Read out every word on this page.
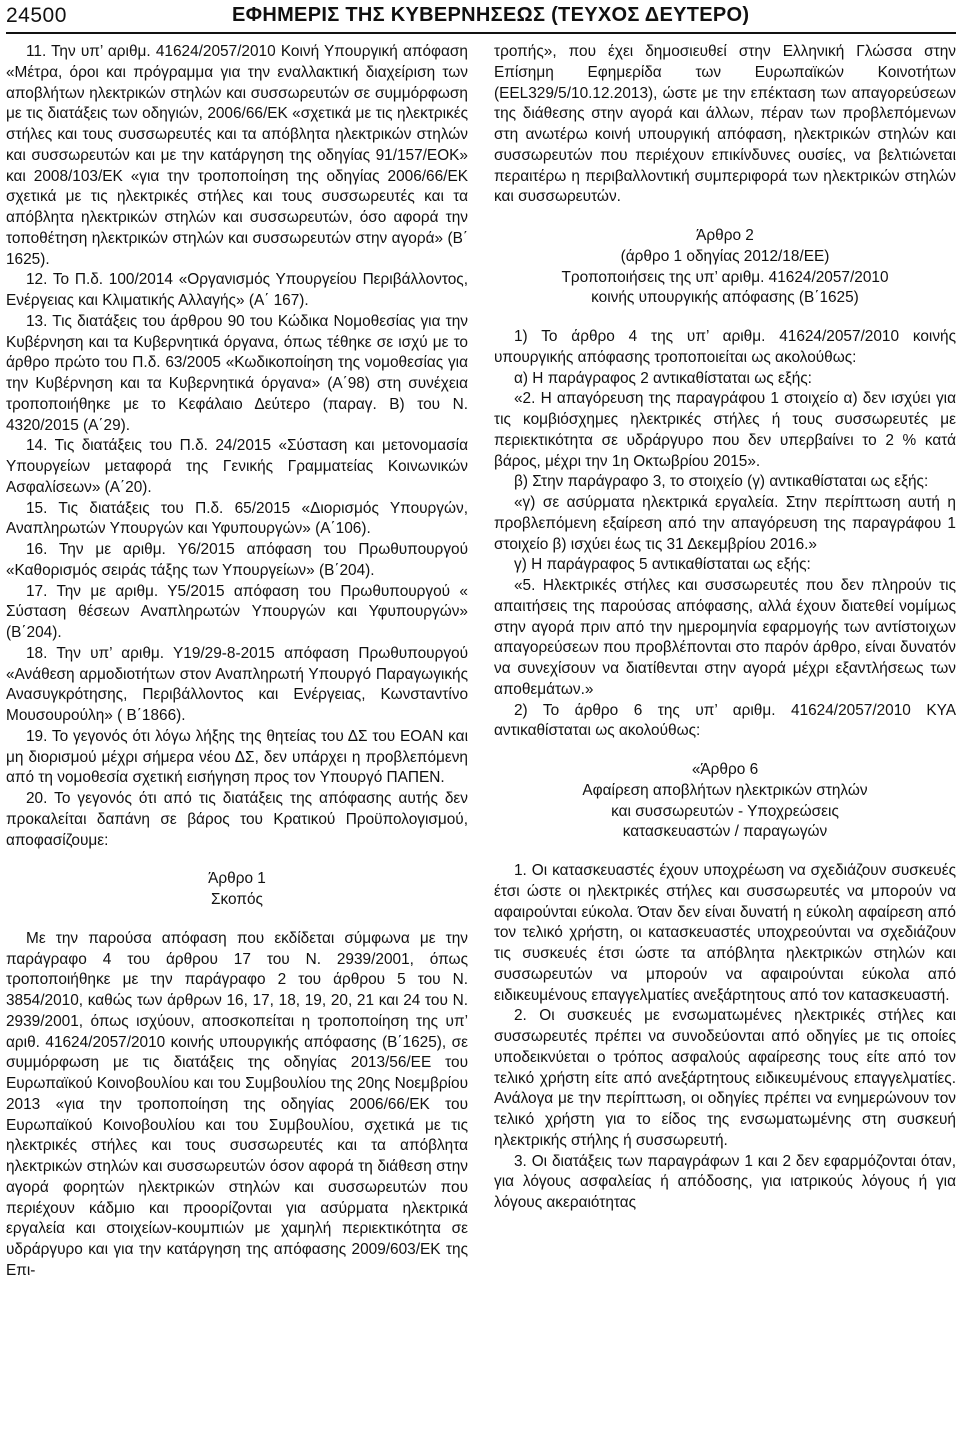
24500	ΕΦΗΜΕΡΙΣ ΤΗΣ ΚΥΒΕΡΝΗΣΕΩΣ (ΤΕΥΧΟΣ ΔΕΥΤΕΡΟ)

11. Την υπ’ αριθμ. 41624/2057/2010 Κοινή Υπουργική απόφαση «Μέτρα, όροι και πρόγραμμα για την εναλλακτική διαχείριση των αποβλήτων ηλεκτρικών στηλών και συσσωρευτών σε συμμόρφωση με τις διατάξεις των οδηγιών, 2006/66/ΕΚ «σχετικά με τις ηλεκτρικές στήλες και τους συσσωρευτές και τα απόβλητα ηλεκτρικών στηλών και συσσωρευτών και με την κατάργηση της οδηγίας 91/157/ΕΟΚ» και 2008/103/ΕΚ «για την τροποποίηση της οδηγίας 2006/66/ΕΚ σχετικά με τις ηλεκτρικές στήλες και τους συσσωρευτές και τα απόβλητα ηλεκτρικών στηλών και συσσωρευτών, όσο αφορά την τοποθέτηση ηλεκτρικών στηλών και συσσωρευτών στην αγορά» (Β΄ 1625).

12. Το Π.δ. 100/2014 «Οργανισμός Υπουργείου Περιβάλλοντος, Ενέργειας και Κλιματικής Αλλαγής» (Α΄ 167).

13. Τις διατάξεις του άρθρου 90 του Κώδικα Νομοθεσίας για την Κυβέρνηση και τα Κυβερνητικά όργανα, όπως τέθηκε σε ισχύ με το άρθρο πρώτο του Π.δ. 63/2005 «Κωδικοποίηση της νομοθεσίας για την Κυβέρνηση και τα Κυβερνητικά όργανα» (Α΄98) στη συνέχεια τροποποιήθηκε με το Κεφάλαιο Δεύτερο (παραγ. Β) του Ν. 4320/2015 (Α΄29).

14. Τις διατάξεις του Π.δ. 24/2015 «Σύσταση και μετονομασία Υπουργείων μεταφορά της Γενικής Γραμματείας Κοινωνικών Ασφαλίσεων» (Α΄20).

15. Τις διατάξεις του Π.δ. 65/2015 «Διορισμός Υπουργών, Αναπληρωτών Υπουργών και Υφυπουργών» (Α΄106).

16. Την με αριθμ. Υ6/2015 απόφαση του Πρωθυπουργού «Καθορισμός σειράς τάξης των Υπουργείων» (Β΄204).

17. Την με αριθμ. Υ5/2015 απόφαση του Πρωθυπουργού « Σύσταση θέσεων Αναπληρωτών Υπουργών και Υφυπουργών» (Β΄204).

18. Την υπ’ αριθμ. Υ19/29-8-2015 απόφαση Πρωθυπουργού «Ανάθεση αρμοδιοτήτων στον Αναπληρωτή Υπουργό Παραγωγικής Ανασυγκρότησης, Περιβάλλοντος και Ενέργειας, Κωνσταντίνο Μουσουρούλη» ( Β΄1866).

19. Το γεγονός ότι λόγω λήξης της θητείας του ΔΣ του ΕΟΑΝ και μη διορισμού μέχρι σήμερα νέου ΔΣ, δεν υπάρχει η προβλεπόμενη από τη νομοθεσία σχετική εισήγηση προς τον Υπουργό ΠΑΠΕΝ.

20. Το γεγονός ότι από τις διατάξεις της απόφασης αυτής δεν προκαλείται δαπάνη σε βάρος του Κρατικού Προϋπολογισμού, αποφασίζουμε:

Άρθρο 1

Σκοπός

Με την παρούσα απόφαση που εκδίδεται σύμφωνα με την παράγραφο 4 του άρθρου 17 του Ν. 2939/2001, όπως τροποποιήθηκε με την παράγραφο 2 του άρθρου 5 του Ν. 3854/2010, καθώς των άρθρων 16, 17, 18, 19, 20, 21 και 24 του Ν. 2939/2001, όπως ισχύουν, αποσκοπείται η τροποποίηση της υπ’ αριθ. 41624/2057/2010 κοινής υπουργικής απόφασης (Β΄1625), σε συμμόρφωση με τις διατάξεις της οδηγίας 2013/56/ΕΕ του Ευρωπαϊκού Κοινοβουλίου και του Συμβουλίου της 20ης Νοεμβρίου 2013 «για την τροποποίηση της οδηγίας 2006/66/ΕΚ του Ευρωπαϊκού Κοινοβουλίου και του Συμβουλίου, σχετικά με τις ηλεκτρικές στήλες και τους συσσωρευτές και τα απόβλητα ηλεκτρικών στηλών και συσσωρευτών όσον αφορά τη διάθεση στην αγορά φορητών ηλεκτρικών στηλών και συσσωρευτών που περιέχουν κάδμιο και προορίζονται για ασύρματα ηλεκτρικά εργαλεία και στοιχείων-κουμπιών με χαμηλή περιεκτικότητα σε υδράργυρο και για την κατάργηση της απόφασης 2009/603/ΕΚ της Επι-

τροπής», που έχει δημοσιευθεί στην Ελληνική Γλώσσα στην Επίσημη Εφημερίδα των Ευρωπαϊκών Κοινοτήτων (EEL329/5/10.12.2013), ώστε με την επέκταση των απαγορεύσεων της διάθεσης στην αγορά και άλλων, πέραν των προβλεπόμενων στη ανωτέρω κοινή υπουργική απόφαση, ηλεκτρικών στηλών και συσσωρευτών που περιέχουν επικίνδυνες ουσίες, να βελτιώνεται περαιτέρω η περιβαλλοντική συμπεριφορά των ηλεκτρικών στηλών και συσσωρευτών.

Άρθρο 2

(άρθρο 1 οδηγίας 2012/18/ΕΕ)

Τροποποιήσεις της υπ’ αριθμ. 41624/2057/2010

κοινής υπουργικής απόφασης (Β΄1625)

1) Το άρθρο 4 της υπ’ αριθμ. 41624/2057/2010 κοινής υπουργικής απόφασης τροποποιείται ως ακολούθως:

α) Η παράγραφος 2 αντικαθίσταται ως εξής:

«2. Η απαγόρευση της παραγράφου 1 στοιχείο α) δεν ισχύει για τις κομβιόσχημες ηλεκτρικές στήλες ή τους συσσωρευτές με περιεκτικότητα σε υδράργυρο που δεν υπερβαίνει το 2 % κατά βάρος, μέχρι την 1η Οκτωβρίου 2015».

β) Στην παράγραφο 3, το στοιχείο (γ) αντικαθίσταται ως εξής:

«γ) σε ασύρματα ηλεκτρικά εργαλεία. Στην περίπτωση αυτή η προβλεπόμενη εξαίρεση από την απαγόρευση της παραγράφου 1 στοιχείο β) ισχύει έως τις 31 Δεκεμβρίου 2016.»

γ) Η παράγραφος 5 αντικαθίσταται ως εξής:

«5. Ηλεκτρικές στήλες και συσσωρευτές που δεν πληρούν τις απαιτήσεις της παρούσας απόφασης, αλλά έχουν διατεθεί νομίμως στην αγορά πριν από την ημερομηνία εφαρμογής των αντίστοιχων απαγορεύσεων που προβλέπονται στο παρόν άρθρο, είναι δυνατόν να συνεχίσουν να διατίθενται στην αγορά μέχρι εξαντλήσεως των αποθεμάτων.»

2) Το άρθρο 6 της υπ’ αριθμ. 41624/2057/2010 ΚΥΑ αντικαθίσταται ως ακολούθως:

«Άρθρο 6

Αφαίρεση αποβλήτων ηλεκτρικών στηλών

και συσσωρευτών - Υποχρεώσεις

κατασκευαστών / παραγωγών

1. Οι κατασκευαστές έχουν υποχρέωση να σχεδιάζουν συσκευές έτσι ώστε οι ηλεκτρικές στήλες και συσσωρευτές να μπορούν να αφαιρούνται εύκολα. Όταν δεν είναι δυνατή η εύκολη αφαίρεση από τον τελικό χρήστη, οι κατασκευαστές υποχρεούνται να σχεδιάζουν τις συσκευές έτσι ώστε τα απόβλητα ηλεκτρικών στηλών και συσσωρευτών να μπορούν να αφαιρούνται εύκολα από ειδικευμένους επαγγελματίες ανεξάρτητους από τον κατασκευαστή.

2. Οι συσκευές με ενσωματωμένες ηλεκτρικές στήλες και συσσωρευτές πρέπει να συνοδεύονται από οδηγίες με τις οποίες υποδεικνύεται ο τρόπος ασφαλούς αφαίρεσης τους είτε από τον τελικό χρήστη είτε από ανεξάρτητους ειδικευμένους επαγγελματίες. Ανάλογα με την περίπτωση, οι οδηγίες πρέπει να ενημερώνουν τον τελικό χρήστη για το είδος της ενσωματωμένης στη συσκευή ηλεκτρικής στήλης ή συσσωρευτή.

3. Οι διατάξεις των παραγράφων 1 και 2 δεν εφαρμόζονται όταν, για λόγους ασφαλείας ή απόδοσης, για ιατρικούς λόγους ή για λόγους ακεραιότητας
